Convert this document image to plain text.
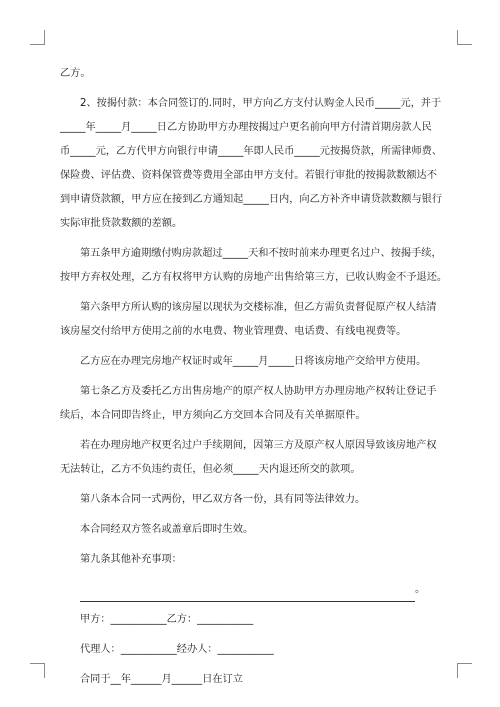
乙方。
2、按揭付款：本合同签订的.同时，甲方向乙方支付认购金人民币_____元，并于
_____年_____月_____日乙方协助甲方办理按揭过户更名前向甲方付清首期房款人民
币_____元，乙方代甲方向银行申请_____年即人民币_____元按揭贷款，所需律师费、
保险费、评估费、资料保管费等费用全部由甲方支付。若银行审批的按揭款数额达不
到申请贷款额，甲方应在接到乙方通知起_____日内，向乙方补齐申请贷款数额与银行
实际审批贷款数额的差额。
第五条甲方逾期缴付购房款超过_____天和不按时前来办理更名过户、按揭手续，
按甲方弃权处理，乙方有权将甲方认购的房地产出售给第三方，已收认购金不予退还。
第六条甲方所认购的该房屋以现状为交楼标准，但乙方需负责督促原产权人结清
该房屋交付给甲方使用之前的水电费、物业管理费、电话费、有线电视费等。
乙方应在办理完房地产权证时或年_____月_____日将该房地产交给甲方使用。
第七条乙方及委托乙方出售房地产的原产权人协助甲方办理房地产权转让登记手
续后，本合同即告终止，甲方须向乙方交回本合同及有关单据原件。
若在办理房地产权更名过户手续期间，因第三方及原产权人原因导致该房地产权
无法转让，乙方不负违约责任，但必须_____天内退还所交的款项。
第八条本合同一式两份，甲乙双方各一份，具有同等法律效力。
本合同经双方签名或盖章后即时生效。
第九条其他补充事项：
。
甲方：___________乙方：___________
代理人：___________经办人：___________
合同于__年______月______日在订立
